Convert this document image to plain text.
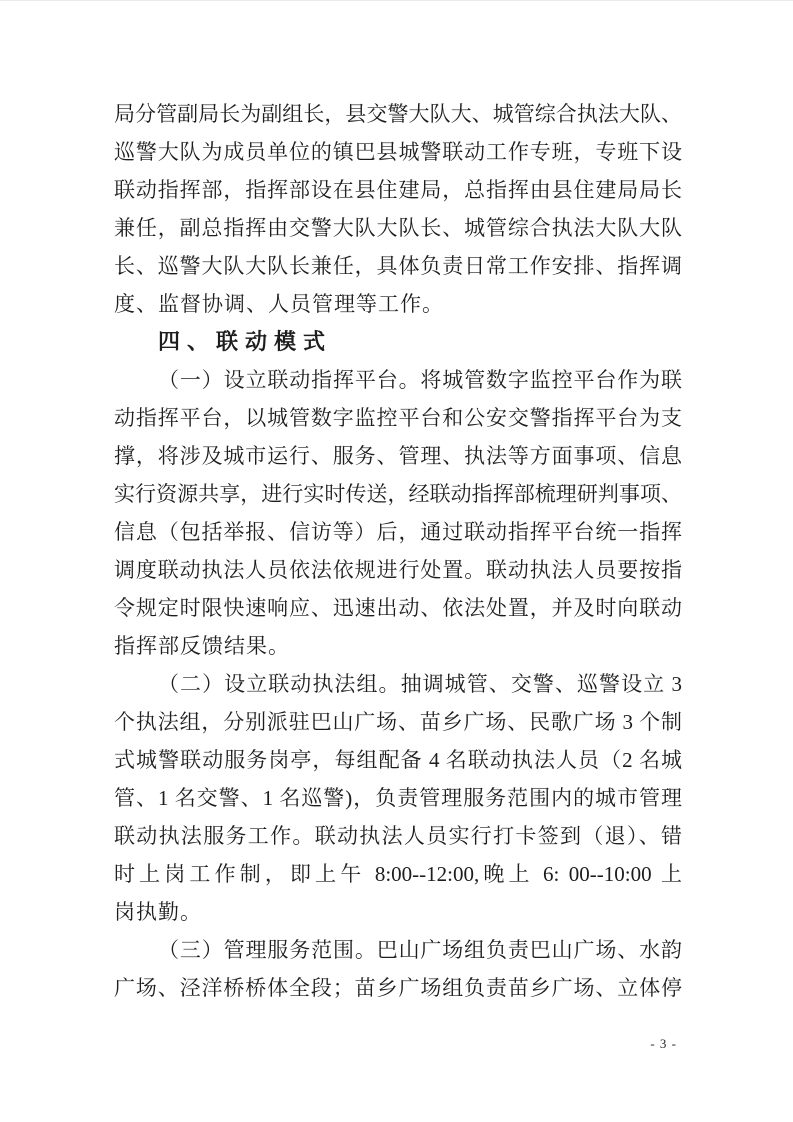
局分管副局长为副组长，县交警大队大、城管综合执法大队、
巡警大队为成员单位的镇巴县城警联动工作专班，专班下设
联动指挥部，指挥部设在县住建局，总指挥由县住建局局长
兼任，副总指挥由交警大队大队长、城管综合执法大队大队
长、巡警大队大队长兼任，具体负责日常工作安排、指挥调
度、监督协调、人员管理等工作。
四、联动模式
（一）设立联动指挥平台。将城管数字监控平台作为联
动指挥平台，以城管数字监控平台和公安交警指挥平台为支
撑，将涉及城市运行、服务、管理、执法等方面事项、信息
实行资源共享，进行实时传送，经联动指挥部梳理研判事项、
信息（包括举报、信访等）后，通过联动指挥平台统一指挥
调度联动执法人员依法依规进行处置。联动执法人员要按指
令规定时限快速响应、迅速出动、依法处置，并及时向联动
指挥部反馈结果。
（二）设立联动执法组。抽调城管、交警、巡警设立 3
个执法组，分别派驻巴山广场、苗乡广场、民歌广场 3 个制
式城警联动服务岗亭，每组配备 4 名联动执法人员（2 名城
管、1 名交警、1 名巡警)，负责管理服务范围内的城市管理
联动执法服务工作。联动执法人员实行打卡签到（退）、错
时上岗工作制，即上午 8:00--12:00,晚上 6: 00--10:00 上
岗执勤。
（三）管理服务范围。巴山广场组负责巴山广场、水韵
广场、泾洋桥桥体全段；苗乡广场组负责苗乡广场、立体停
- 3 -
